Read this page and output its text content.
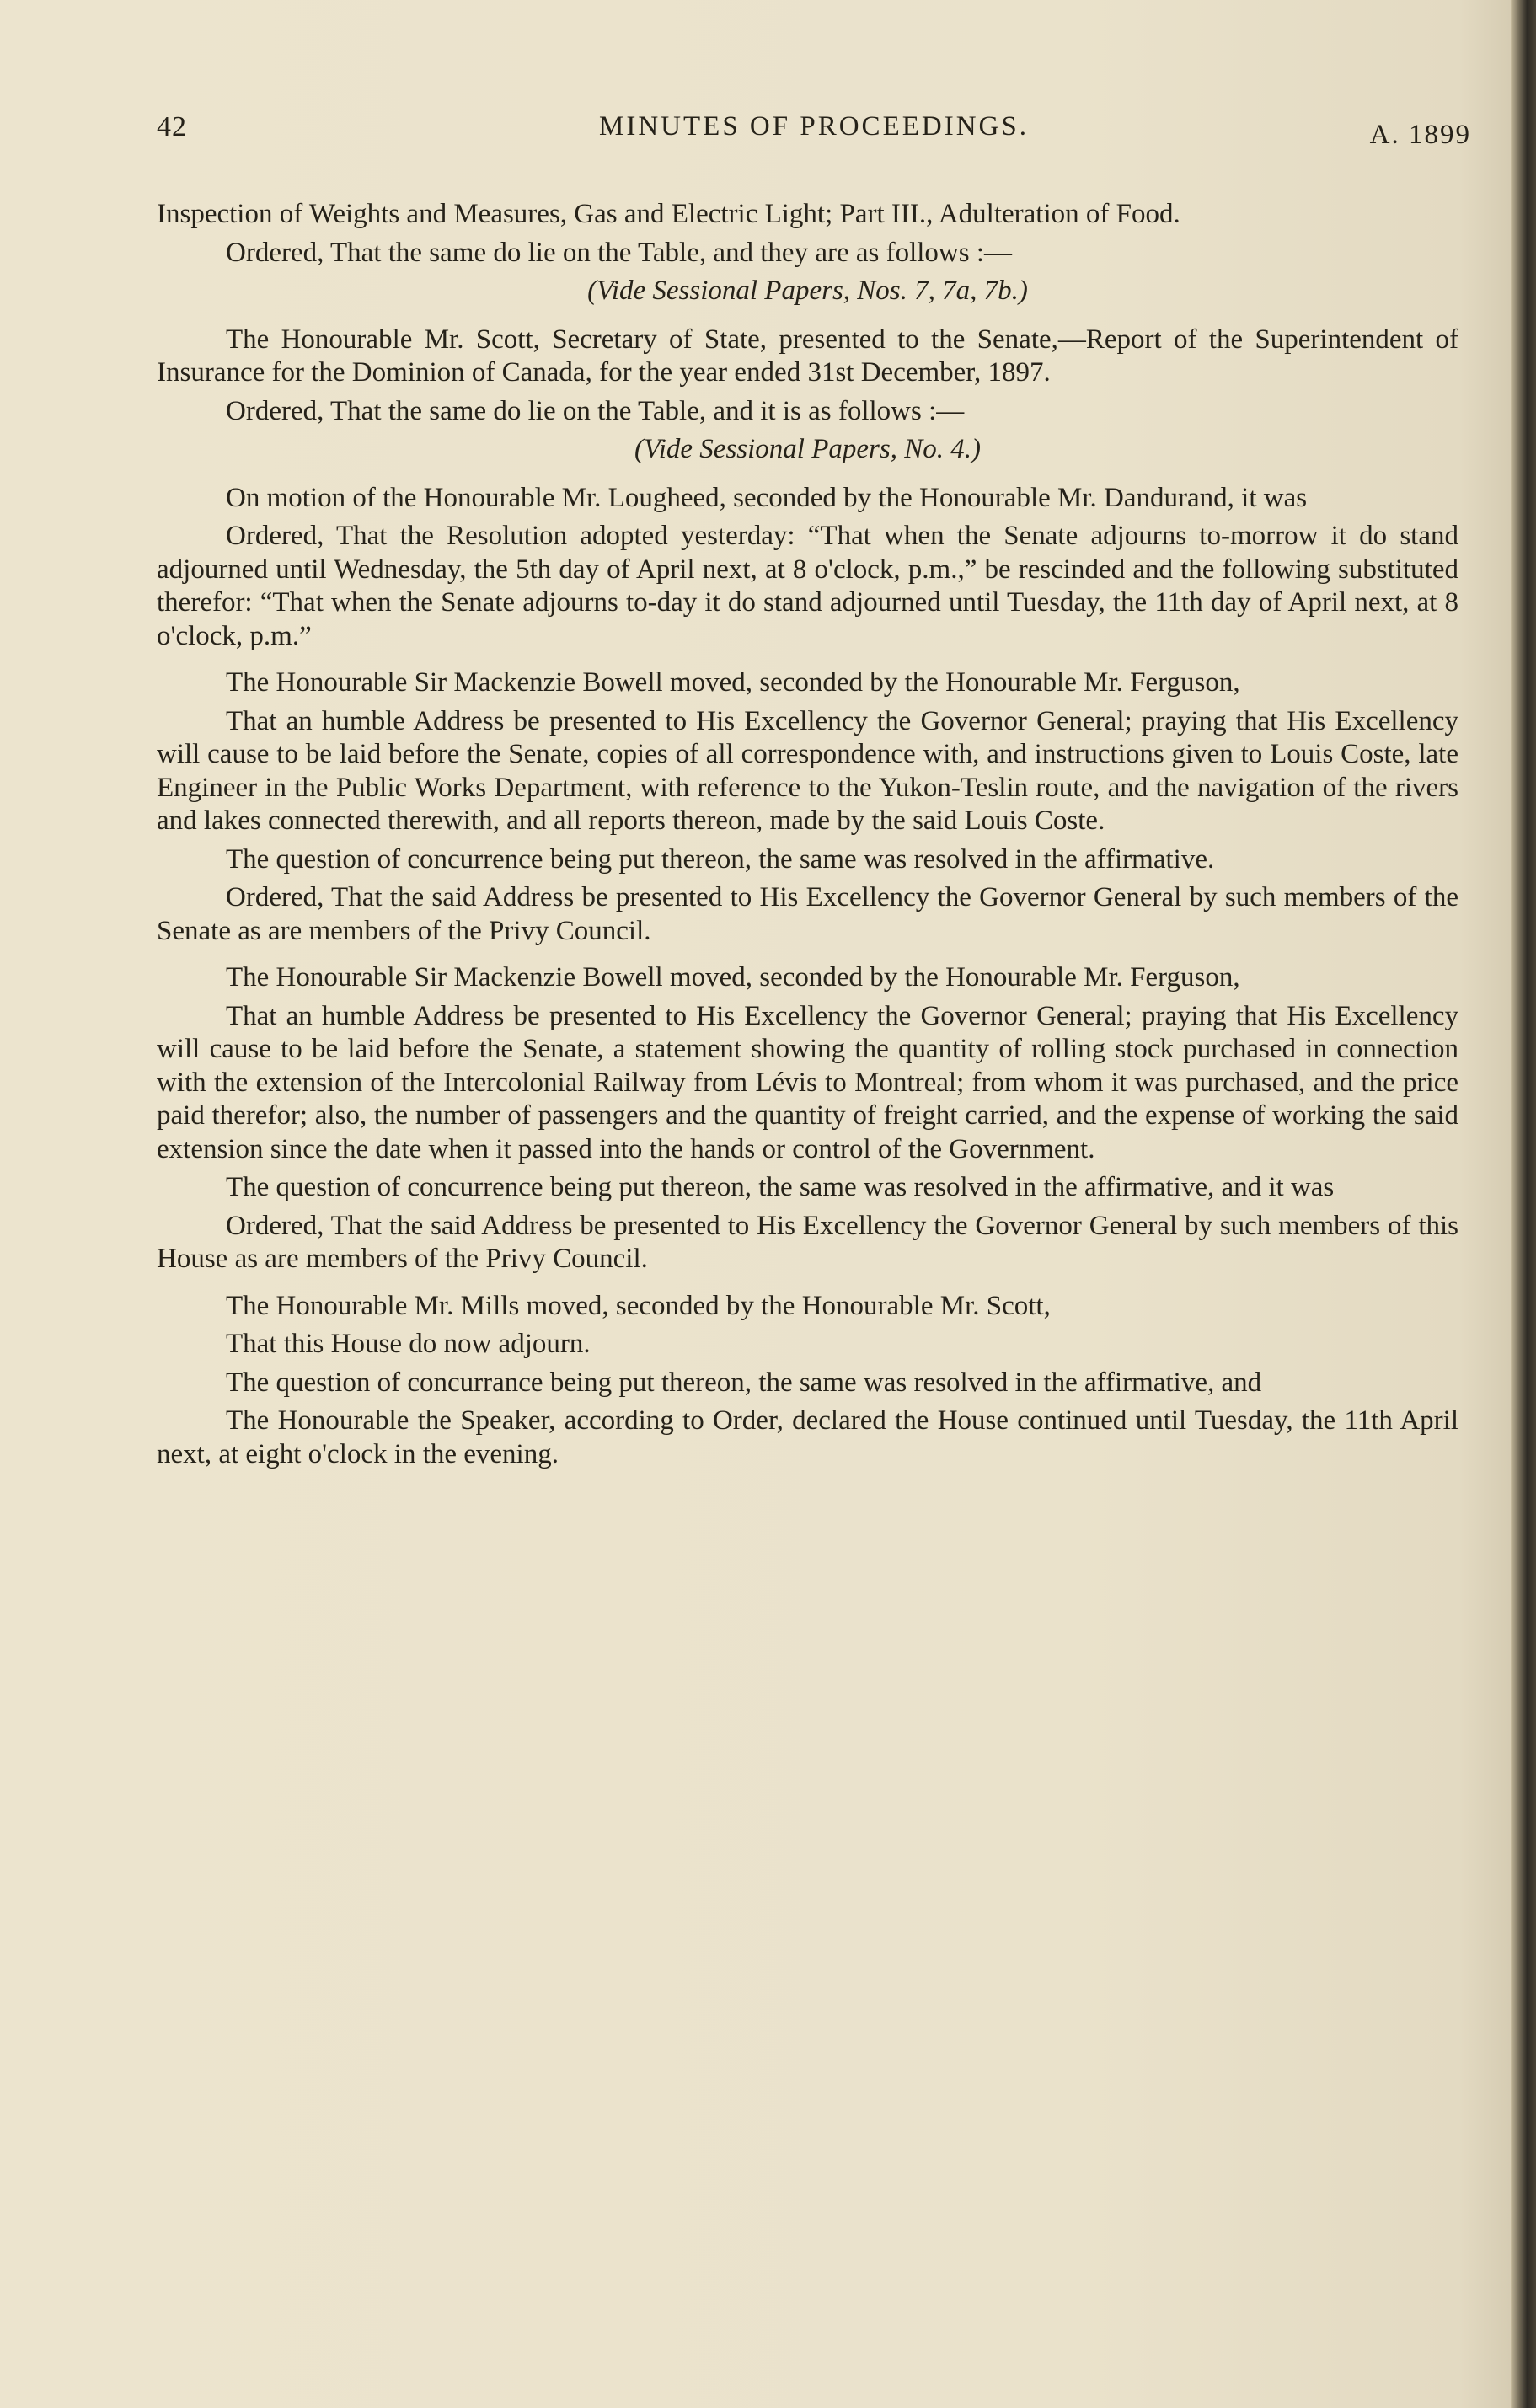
42	MINUTES OF PROCEEDINGS.	A. 1899

Inspection of Weights and Measures, Gas and Electric Light; Part III., Adulteration of Food.

Ordered, That the same do lie on the Table, and they are as follows :—

(Vide Sessional Papers, Nos. 7, 7a, 7b.)

The Honourable Mr. Scott, Secretary of State, presented to the Senate,—Report of the Superintendent of Insurance for the Dominion of Canada, for the year ended 31st December, 1897.

Ordered, That the same do lie on the Table, and it is as follows :—

(Vide Sessional Papers, No. 4.)

On motion of the Honourable Mr. Lougheed, seconded by the Honourable Mr. Dandurand, it was

Ordered, That the Resolution adopted yesterday: “That when the Senate adjourns to-morrow it do stand adjourned until Wednesday, the 5th day of April next, at 8 o'clock, p.m.,” be rescinded and the following substituted therefor: “That when the Senate adjourns to-day it do stand adjourned until Tuesday, the 11th day of April next, at 8 o'clock, p.m.”

The Honourable Sir Mackenzie Bowell moved, seconded by the Honourable Mr. Ferguson,

That an humble Address be presented to His Excellency the Governor General; praying that His Excellency will cause to be laid before the Senate, copies of all correspondence with, and instructions given to Louis Coste, late Engineer in the Public Works Department, with reference to the Yukon-Teslin route, and the navigation of the rivers and lakes connected therewith, and all reports thereon, made by the said Louis Coste.

The question of concurrence being put thereon, the same was resolved in the affirmative.

Ordered, That the said Address be presented to His Excellency the Governor General by such members of the Senate as are members of the Privy Council.

The Honourable Sir Mackenzie Bowell moved, seconded by the Honourable Mr. Ferguson,

That an humble Address be presented to His Excellency the Governor General; praying that His Excellency will cause to be laid before the Senate, a statement showing the quantity of rolling stock purchased in connection with the extension of the Intercolonial Railway from Lévis to Montreal; from whom it was purchased, and the price paid therefor; also, the number of passengers and the quantity of freight carried, and the expense of working the said extension since the date when it passed into the hands or control of the Government.

The question of concurrence being put thereon, the same was resolved in the affirmative, and it was

Ordered, That the said Address be presented to His Excellency the Governor General by such members of this House as are members of the Privy Council.

The Honourable Mr. Mills moved, seconded by the Honourable Mr. Scott,

That this House do now adjourn.

The question of concurrance being put thereon, the same was resolved in the affirmative, and

The Honourable the Speaker, according to Order, declared the House continued until Tuesday, the 11th April next, at eight o'clock in the evening.
